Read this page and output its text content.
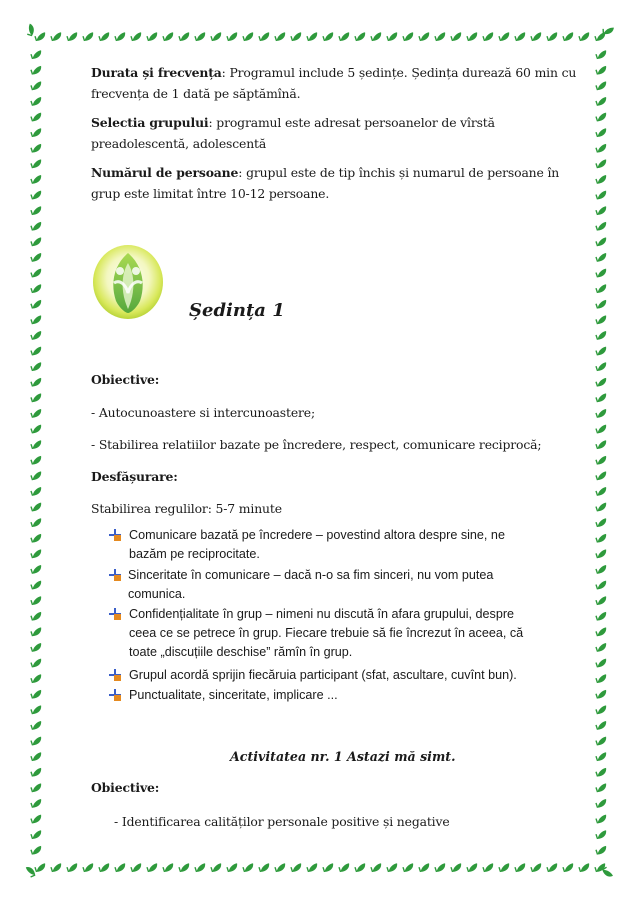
Durata și frecvența: Programul include 5 ședințe. Ședința durează 60 min cu
frecvența de 1 dată pe săptămînă.
Selectia grupului: programul este adresat persoanelor de vîrstă
preadolescentă, adolescentă
Numărul de persoane: grupul este de tip închis și numarul de persoane în
grup este limitat între 10-12 persoane.
Obiective:
- Autocunoastere si intercunoastere;
- Stabilirea relatiilor bazate pe încredere, respect, comunicare reciprocă;
Desfășurare:
Stabilirea regulilor: 5-7 minute
Comunicare bazată pe încredere – povestind altora despre sine, ne
bazăm pe reciprocitate.
Sinceritate în comunicare – dacă n-o sa fim sinceri, nu vom putea
comunica.
Confidențialitate în grup – nimeni nu discută în afara grupului, despre
ceea ce se petrece în grup. Fiecare trebuie să fie încrezut în aceea, că
toate „discuțiile deschise” rămîn în grup.
Grupul acordă sprijin fiecăruia participant (sfat, ascultare, cuvînt bun).
Punctualitate, sinceritate, implicare ...
Obiective:
- Identificarea calităților personale positive și negative
Ședința 1
Activitatea nr. 1 Astazi mă simt.
